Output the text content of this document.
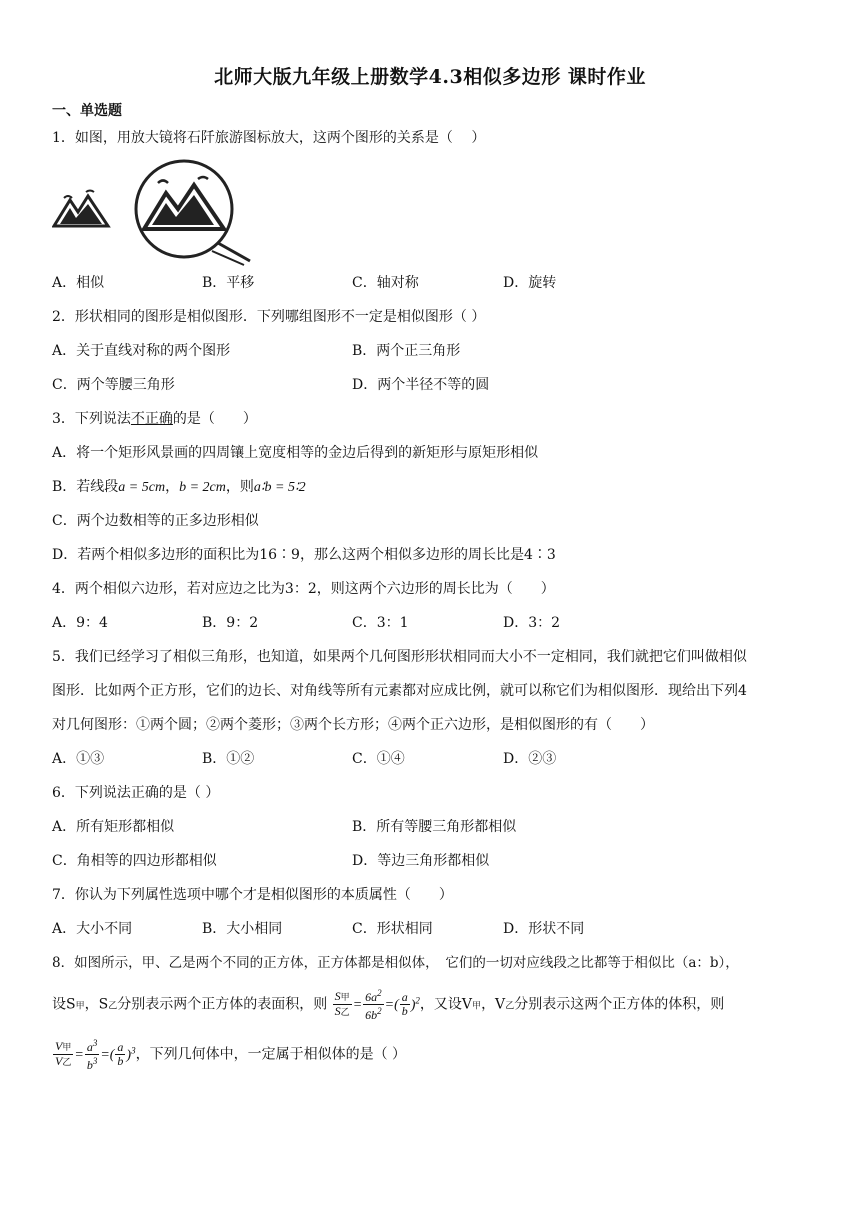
北师大版九年级上册数学4.3相似多边形 课时作业
一、单选题
1．如图，用放大镜将石阡旅游图标放大，这两个图形的关系是（　 ）
A．相似	B．平移	C．轴对称	D．旋转
2．形状相同的图形是相似图形．下列哪组图形不一定是相似图形（ ）
A．关于直线对称的两个图形	B．两个正三角形
C．两个等腰三角形	D．两个半径不等的圆
3．下列说法不正确的是（　　）
A．将一个矩形风景画的四周镶上宽度相等的金边后得到的新矩形与原矩形相似
B．若线段a = 5cm，b = 2cm，则a∶b = 5∶2
C．两个边数相等的正多边形相似
D．若两个相似多边形的面积比为16∶9，那么这两个相似多边形的周长比是4∶3
4．两个相似六边形，若对应边之比为3：2，则这两个六边形的周长比为（　　）
A．9：4	B．9：2	C．3：1	D．3：2
5．我们已经学习了相似三角形，也知道，如果两个几何图形形状相同而大小不一定相同，我们就把它们叫做相似
图形．比如两个正方形，它们的边长、对角线等所有元素都对应成比例，就可以称它们为相似图形．现给出下列4
对几何图形：①两个圆；②两个菱形；③两个长方形；④两个正六边形，是相似图形的有（　　）
A．①③	B．①②	C．①④	D．②③
6．下列说法正确的是（ ）
A．所有矩形都相似	B．所有等腰三角形都相似
C．角相等的四边形都相似	D．等边三角形都相似
7．你认为下列属性选项中哪个才是相似图形的本质属性（　　）
A．大小不同	B．大小相同	C．形状相同	D．形状不同
8．如图所示，甲、乙是两个不同的正方体，正方体都是相似体，　它们的一切对应线段之比都等于相似比（a：b），
设S甲，S乙分别表示两个正方体的表面积，则 $\frac{\text{S甲}}{\text{S乙}} = \frac{6a^2}{6b^2}$ =( $\frac{a}{b} )^2$，又设V甲，V乙分别表示这两个正方体的体积，则
$\frac{\text{V甲}}{\text{V乙}} = \frac{a^3}{b^3}$ =( $\frac{a}{b} )^3$，下列几何体中，一定属于相似体的是（ ）
